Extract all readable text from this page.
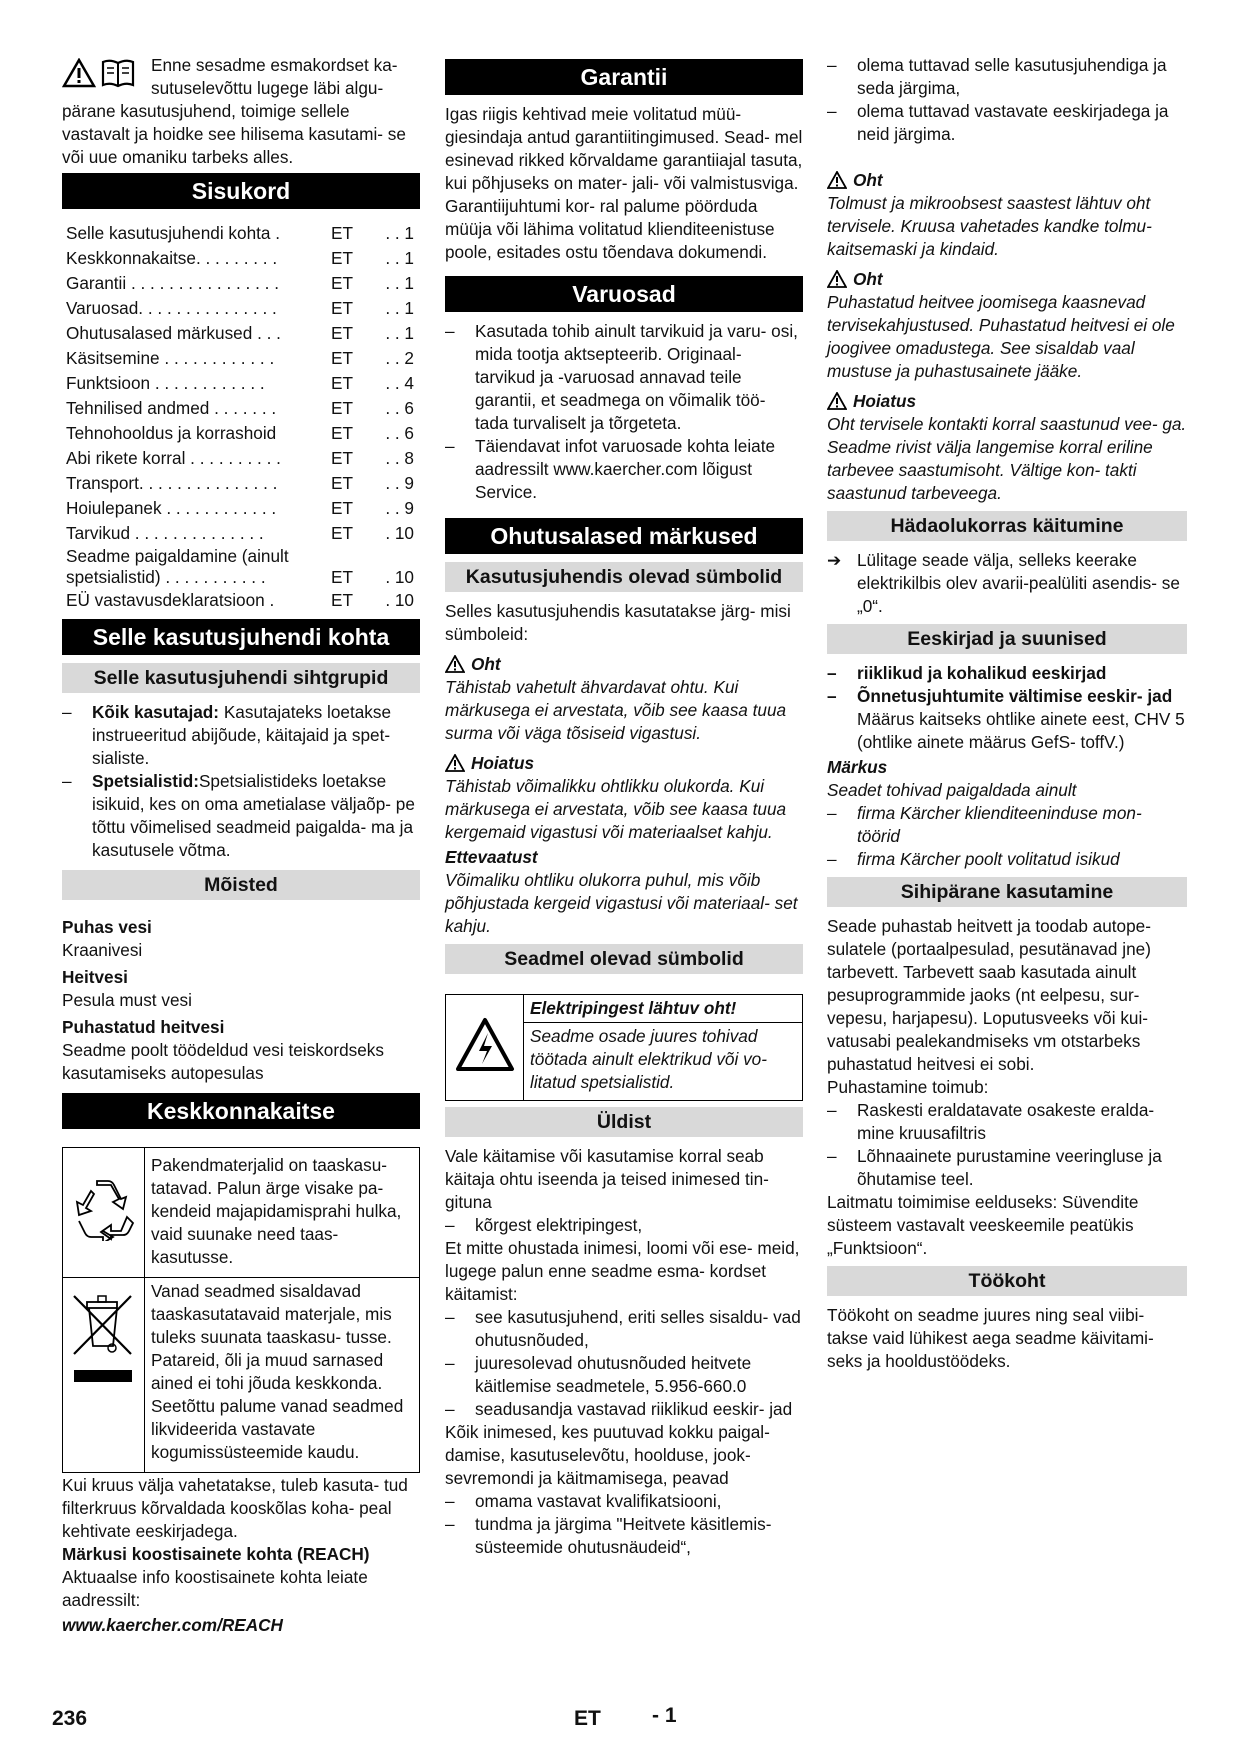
Enne sesadme esmakordset ka-

sutuselevõttu lugege läbi algu-

pärane kasutusjuhend, toimige sellele vastavalt ja hoidke see hilisema kasutami- se või uue omaniku tarbeks alles.

Sisukord
Selle kasutusjuhendi kohta .	ET	. . 1
Keskkonnakaitse. . . . . . . . .	ET	. . 1
Garantii . . . . . . . . . . . . . . . .	ET	. . 1
Varuosad. . . . . . . . . . . . . . .	ET	. . 1
Ohutusalased märkused . . .	ET	. . 1
Käsitsemine . . . . . . . . . . . .	ET	. . 2
Funktsioon . . . . . . . . . . . .	ET	. . 4
Tehnilised andmed . . . . . . .	ET	. . 6
Tehnohooldus ja korrashoid	ET	. . 6
Abi rikete korral . . . . . . . . . .	ET	. . 8
Transport. . . . . . . . . . . . . . .	ET	. . 9
Hoiulepanek . . . . . . . . . . . .	ET	. . 9
Tarvikud . . . . . . . . . . . . . .	ET	. 10
Seadme paigaldamine (ainult
spetsialistid) . . . . . . . . . . .	ET	. 10
EÜ vastavusdeklaratsioon .	ET	. 10
Selle kasutusjuhendi kohta
Selle kasutusjuhendi sihtgrupid
– Kõik kasutajad: Kasutajateks loetakse instrueeritud abijõude, käitajaid ja spet- sialiste.
– Spetsialistid:Spetsialistideks loetakse isikuid, kes on oma ametialase väljaõp- pe tõttu võimelised seadmeid paigalda- ma ja kasutusele võtma.
Mõisted

Puhas vesi

Kraanivesi

Heitvesi

Pesula must vesi

Puhastatud heitvesi

Seadme poolt töödeldud vesi teiskordseks kasutamiseks autopesulas

Keskkonnakaitse
	Pakendmaterjalid on taaskasu- tatavad. Palun ärge visake pa- kendeid majapidamisprahi hulka, vaid suunake need taas- kasutusse.
	Vanad seadmed sisaldavad taaskasutatavaid materjale, mis tuleks suunata taaskasu- tusse. Patareid, õli ja muud sarnased ained ei tohi jõuda keskkonda. Seetõttu palume vanad seadmed likvideerida vastavate kogumissüsteemide kaudu.

Kui kruus välja vahetatakse, tuleb kasuta- tud filterkruus kõrvaldada kooskõlas koha- peal kehtivate eeskirjadega.

Märkusi koostisainete kohta (REACH)

Aktuaalse info koostisainete kohta leiate aadressilt:

www.kaercher.com/REACH

Garantii

Igas riigis kehtivad meie volitatud müü- giesindaja antud garantiitingimused. Sead- mel esinevad rikked kõrvaldame garantiiajal tasuta, kui põhjuseks on mater- jali- või valmistusviga. Garantiijuhtumi kor- ral palume pöörduda müüja või lähima volitatud klienditeenistuse poole, esitades ostu tõendava dokumendi.

Varuosad
– Kasutada tohib ainult tarvikuid ja varu- osi, mida tootja aktsepteerib. Originaal- tarvikud ja -varuosad annavad teile garantii, et seadmega on võimalik töö- tada turvaliselt ja tõrgeteta.
– Täiendavat infot varuosade kohta leiate aadressilt www.kaercher.com lõigust Service.
Ohutusalased märkused
Kasutusjuhendis olevad sümbolid

Selles kasutusjuhendis kasutatakse järg- misi sümboleid:

Oht

Tähistab vahetult ähvardavat ohtu. Kui märkusega ei arvestata, võib see kaasa tuua surma või väga tõsiseid vigastusi.

Hoiatus

Tähistab võimalikku ohtlikku olukorda. Kui märkusega ei arvestata, võib see kaasa tuua kergemaid vigastusi või materiaalset kahju.

Ettevaatust

Võimaliku ohtliku olukorra puhul, mis võib põhjustada kergeid vigastusi või materiaal- set kahju.

Seadmel olevad sümbolid
	Elektripingest lähtuv oht!
Seadme osade juures tohivad töötada ainult elektrikud või vo- litatud spetsialistid.
Üldist

Vale käitamise või kasutamise korral seab käitaja ohtu iseenda ja teised inimesed tin- gituna

– kõrgest elektripingest,

Et mitte ohustada inimesi, loomi või ese- meid, lugege palun enne seadme esma- kordset käitamist:

– see kasutusjuhend, eriti selles sisaldu- vad ohutusnõuded,
– juuresolevad ohutusnõuded heitvete käitlemise seadmetele, 5.956-660.0
– seadusandja vastavad riiklikud eeskir- jad

Kõik inimesed, kes puutuvad kokku paigal- damise, kasutuselevõtu, hoolduse, jook- sevremondi ja käitmamisega, peavad

– omama vastavat kvalifikatsiooni,
– tundma ja järgima "Heitvete käsitlemis- süsteemide ohutusnäudeid“,
– olema tuttavad selle kasutusjuhendiga ja seda järgima,
– olema tuttavad vastavate eeskirjadega ja neid järgima.
Oht

Tolmust ja mikroobsest saastest lähtuv oht tervisele. Kruusa vahetades kandke tolmu- kaitsemaski ja kindaid.

Oht

Puhastatud heitvee joomisega kaasnevad tervisekahjustused. Puhastatud heitvesi ei ole joogivee omadustega. See sisaldab vaal mustuse ja puhastusainete jääke.

Hoiatus

Oht tervisele kontakti korral saastunud vee- ga. Seadme rivist välja langemise korral eriline tarbevee saastumisoht. Vältige kon- takti saastunud tarbeveega.

Hädaolukorras käitumine

➔ Lülitage seade välja, selleks keerake elektrikilbis olev avarii-pealüliti asendis- se „0“.

Eeskirjad ja suunised
– riiklikud ja kohalikud eeskirjad
– Õnnetusjuhtumite vältimise eeskir- jad

Määrus kaitseks ohtlike ainete eest, CHV 5 (ohtlike ainete määrus GefS- toffV.)

Märkus

Seadet tohivad paigaldada ainult

– firma Kärcher klienditeeninduse mon- töörid
– firma Kärcher poolt volitatud isikud
Sihipärane kasutamine

Seade puhastab heitvett ja toodab autope- sulatele (portaalpesulad, pesutänavad jne) tarbevett. Tarbevett saab kasutada ainult pesuprogrammide jaoks (nt eelpesu, sur- vepesu, harjapesu). Loputusveeks või kui- vatusabi pealekandmiseks vm otstarbeks puhastatud heitvesi ei sobi.

Puhastamine toimub:

– Raskesti eraldatavate osakeste eralda- mine kruusafiltris
– Lõhnaainete purustamine veeringluse ja õhutamise teel.

Laitmatu toimimise eelduseks: Süvendite süsteem vastavalt veeskeemile peatükis „Funktsioon“.

Töökoht

Töökoht on seadme juures ning seal viibi- takse vaid lühikest aega seadme käivitami- seks ja hooldustöödeks.

236	ET - 1
